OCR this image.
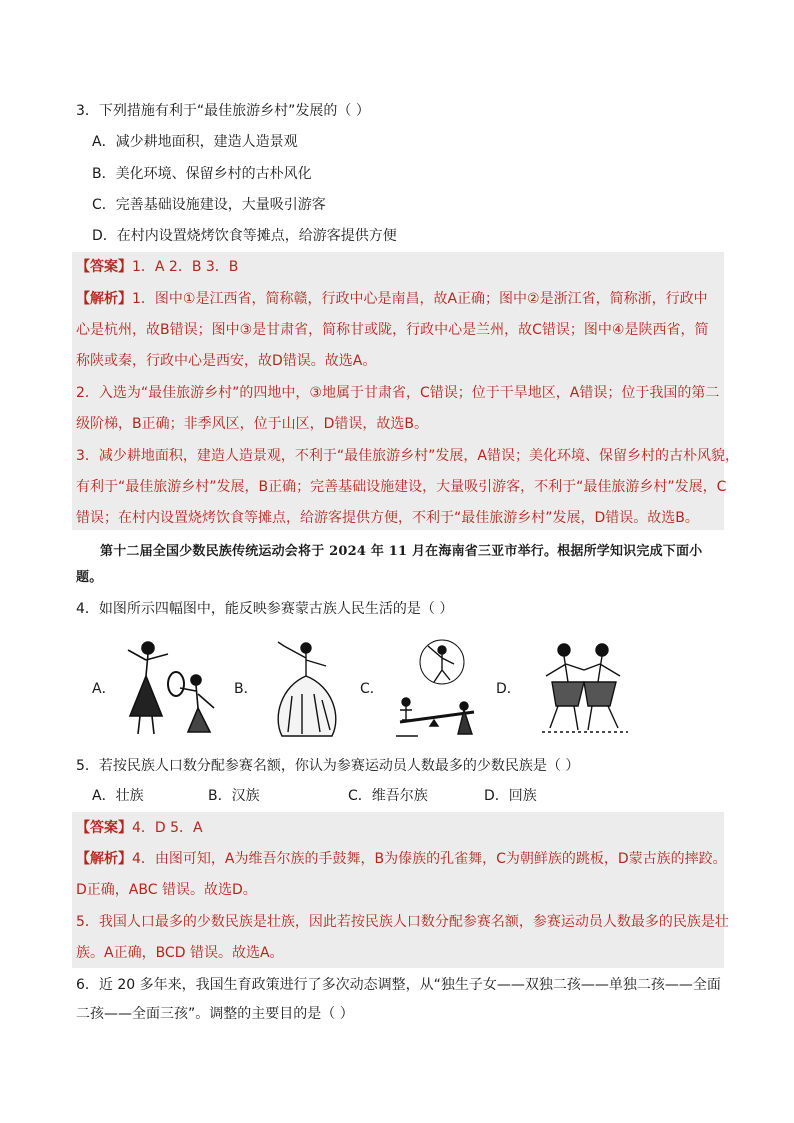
3．下列措施有利于“最佳旅游乡村”发展的（ ）
A．减少耕地面积，建造人造景观
B．美化环境、保留乡村的古朴风化
C．完善基础设施建设，大量吸引游客
D．在村内设置烧烤饮食等摊点，给游客提供方便
【答案】1．A 2．B 3．B
【解析】1．图中①是江西省，简称赣，行政中心是南昌，故A正确；图中②是浙江省，简称浙，行政中
心是杭州，故B错误；图中③是甘肃省，简称甘或陇，行政中心是兰州，故C错误；图中④是陕西省，简
称陕或秦，行政中心是西安，故D错误。故选A。
2．入选为“最佳旅游乡村”的四地中，③地属于甘肃省，C错误；位于干旱地区，A错误；位于我国的第二
级阶梯，B正确；非季风区，位于山区，D错误，故选B。
3．减少耕地面积，建造人造景观，不利于“最佳旅游乡村”发展，A错误；美化环境、保留乡村的古朴风貌，
有利于“最佳旅游乡村”发展，B正确；完善基础设施建设，大量吸引游客，不利于“最佳旅游乡村”发展，C
错误；在村内设置烧烤饮食等摊点，给游客提供方便，不利于“最佳旅游乡村”发展，D错误。故选B。
第十二届全国少数民族传统运动会将于 2024 年 11 月在海南省三亚市举行。根据所学知识完成下面小
题。
4．如图所示四幅图中，能反映参赛蒙古族人民生活的是（ ）
A．	B．	C．	D．
5．若按民族人口数分配参赛名额，你认为参赛运动员人数最多的少数民族是（ ）
A．壮族	B．汉族	C．维吾尔族	D．回族
【答案】4．D 5．A
【解析】4．由图可知，A为维吾尔族的手鼓舞，B为傣族的孔雀舞，C为朝鲜族的跳板，D蒙古族的摔跤。
D正确，ABC 错误。故选D。
5．我国人口最多的少数民族是壮族，因此若按民族人口数分配参赛名额，参赛运动员人数最多的民族是壮
族。A正确，BCD 错误。故选A。
6．近 20 多年来，我国生育政策进行了多次动态调整，从“独生子女——双独二孩——单独二孩——全面
二孩——全面三孩”。调整的主要目的是（ ）
